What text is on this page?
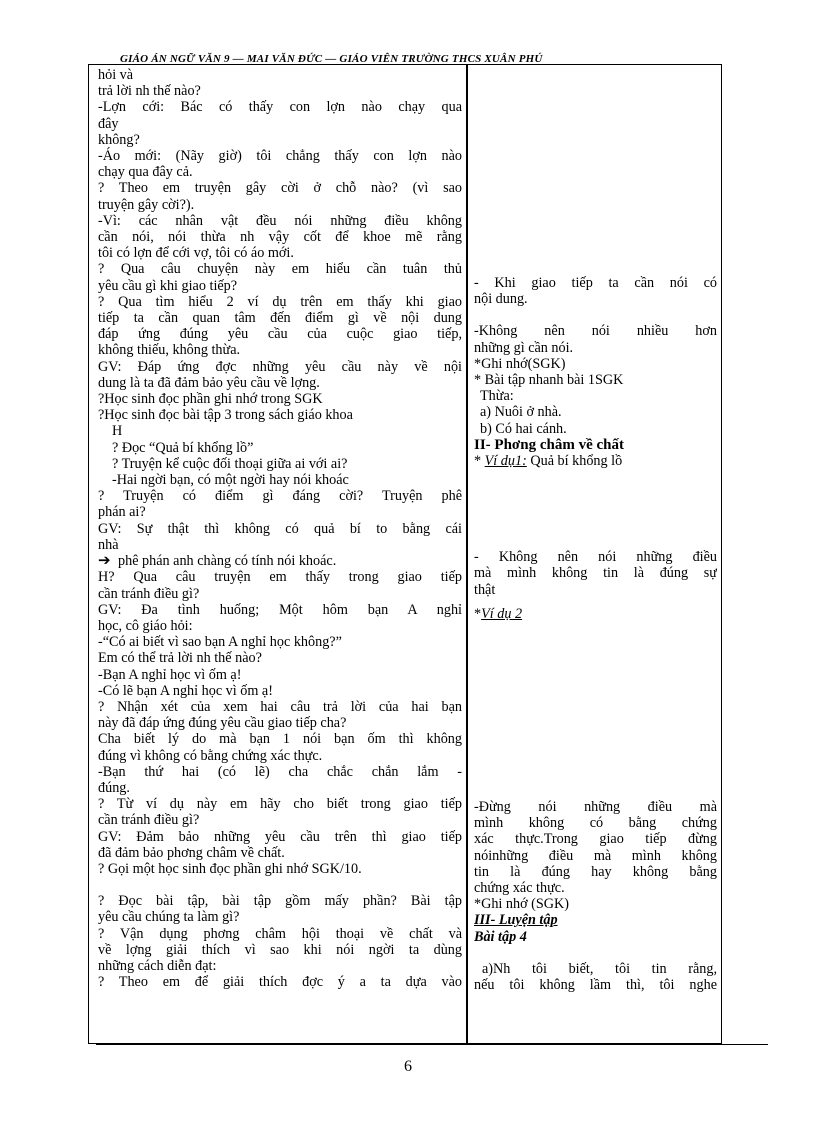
GIÁO ÁN NGỮ VĂN 9 — MAI VĂN ĐỨC — GIÁO VIÊN TRƯỜNG THCS XUÂN PHÚ

hỏi và

trả lời nh thế nào?

-Lợn cới: Bác có thấy con lợn nào chạy qua

đây

không?

-Áo mới: (Nãy giờ) tôi chẳng thấy con lợn nào

chạy qua đây cả.

? Theo em truyện gây cời ở chỗ nào? (vì sao

truyện gây cời?).

-Vì: các nhân vật đều nói những điều không

cần nói, nói thừa nh vậy cốt để khoe mẽ rằng

tôi có lợn để cới vợ, tôi có áo mới.

? Qua câu chuyện này em hiểu cần tuân thủ

yêu cầu gì khi giao tiếp?

? Qua tìm hiểu 2 ví dụ trên em thấy khi giao

tiếp ta cần quan tâm đến điểm gì về nội dung

đáp ứng đúng yêu cầu của cuộc giao tiếp,

không thiếu, không thừa.

GV: Đáp ứng đợc những yêu cầu này về nội

dung là ta đã đảm bảo yêu cầu về lợng.

?Học sinh đọc phần ghi nhớ trong SGK

?Học sinh đọc bài tập 3 trong sách giáo khoa

H

? Đọc “Quả bí khổng lồ”

? Truyện kể cuộc đối thoại giữa ai với ai?

-Hai ngời bạn, có một ngời hay nói khoác

? Truyện có điểm gì đáng cời? Truyện phê

phán ai?

GV: Sự thật thì không có quả bí to bằng cái

nhà

➔ phê phán anh chàng có tính nói khoác.

H? Qua câu truyện em thấy trong giao tiếp

cần tránh điều gì?

GV: Đa tình huống; Một hôm bạn A nghỉ

học, cô giáo hỏi:

-“Có ai biết vì sao bạn A nghỉ học không?”

Em có thể trả lời nh thế nào?

-Bạn A nghỉ học vì ốm ạ!

-Có lẽ bạn A nghỉ học vì ốm ạ!

? Nhận xét của xem hai câu trả lời của hai bạn

này đã đáp ứng đúng yêu cầu giao tiếp cha?

Cha biết lý do mà bạn 1 nói bạn ốm thì không

đúng vì không có bằng chứng xác thực.

-Bạn thứ hai (có lẽ) cha chắc chắn lắm -

đúng.

? Từ ví dụ này em hãy cho biết trong giao tiếp

cần tránh điều gì?

GV: Đảm bảo những yêu cầu trên thì giao tiếp

đã đảm bảo phơng châm về chất.

? Gọi một học sinh đọc phần ghi nhớ SGK/10.

? Đọc bài tập, bài tập gồm mấy phần? Bài tập

yêu cầu chúng ta làm gì?

? Vận dụng phơng châm hội thoại về chất và

về lợng giải thích vì sao khi nói ngời ta dùng

những cách diễn đạt:

? Theo em để giải thích đợc ý a ta dựa vào

- Khi giao tiếp ta cần nói có

nội dung.

-Không nên nói nhiều hơn

những gì cần nói.

*Ghi nhớ(SGK)

* Bài tập nhanh bài 1SGK

Thừa:

a) Nuôi ở nhà.

b) Có hai cánh.

II- Phơng châm về chất

* Ví dụ1: Quả bí khổng lồ

- Không nên nói những điều

mà mình không tin là đúng sự

thật

*Ví dụ 2

-Đừng nói những điều mà

mình không có bằng chứng

xác thực.Trong giao tiếp đừng

nóinhững điều mà mình không

tin là đúng hay không bằng

chứng xác thực.

*Ghi nhớ (SGK)

III- Luyện tập

Bài tập 4

a)Nh tôi biết, tôi tin rằng,

nếu tôi không lầm thì, tôi nghe

6
